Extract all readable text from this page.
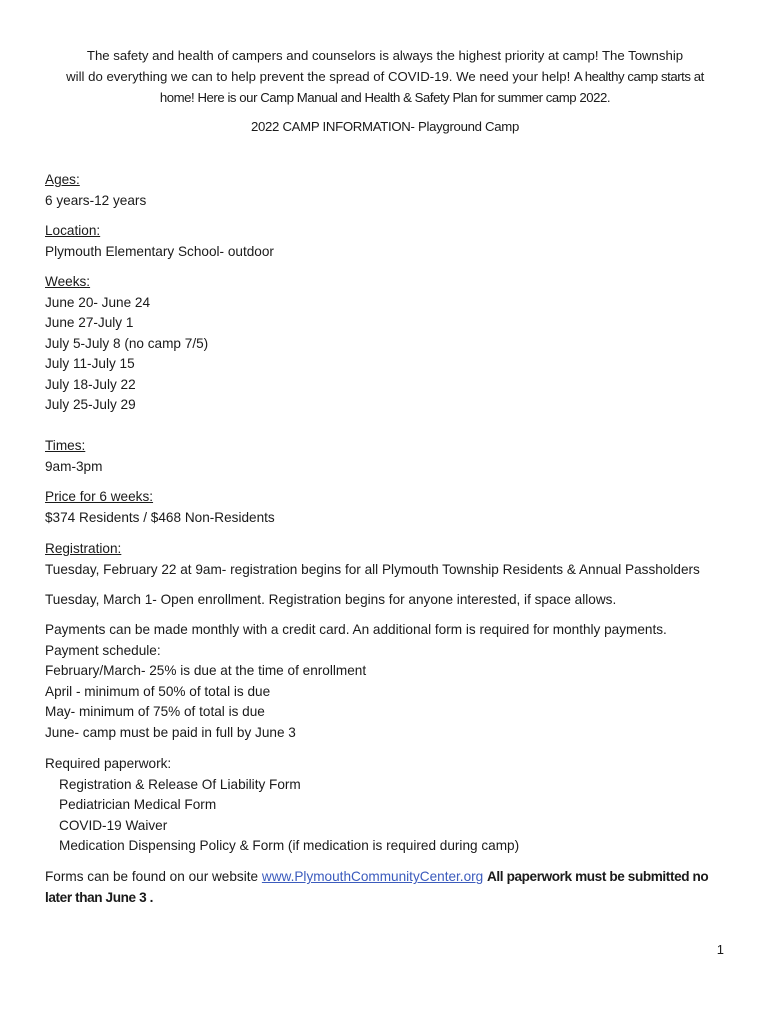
The safety and health of campers and counselors is always the highest priority at camp! The Township
will do everything we can to help prevent the spread of COVID-19. We need your help! A healthy camp starts at
home! Here is our Camp Manual and Health & Safety Plan for summer camp 2022.
2022 CAMP INFORMATION- Playground Camp
Ages:
6 years-12 years
Location:
Plymouth Elementary School- outdoor
Weeks:
June 20- June 24
June 27-July 1
July 5-July 8 (no camp 7/5)
July 11-July 15
July 18-July 22
July 25-July 29
Times:
9am-3pm
Price for 6 weeks:
$374 Residents / $468 Non-Residents
Registration:
Tuesday, February 22 at 9am- registration begins for all Plymouth Township Residents & Annual Passholders
Tuesday, March 1- Open enrollment. Registration begins for anyone interested, if space allows.
Payments can be made monthly with a credit card. An additional form is required for monthly payments.
Payment schedule:
February/March- 25% is due at the time of enrollment
April - minimum of 50% of total is due
May- minimum of 75% of total is due
June- camp must be paid in full by June 3
Required paperwork:
Registration & Release Of Liability Form
Pediatrician Medical Form
COVID-19 Waiver
Medication Dispensing Policy & Form (if medication is required during camp)
Forms can be found on our website www.PlymouthCommunityCenter.org All paperwork must be submitted no
later than June 3 .
1
